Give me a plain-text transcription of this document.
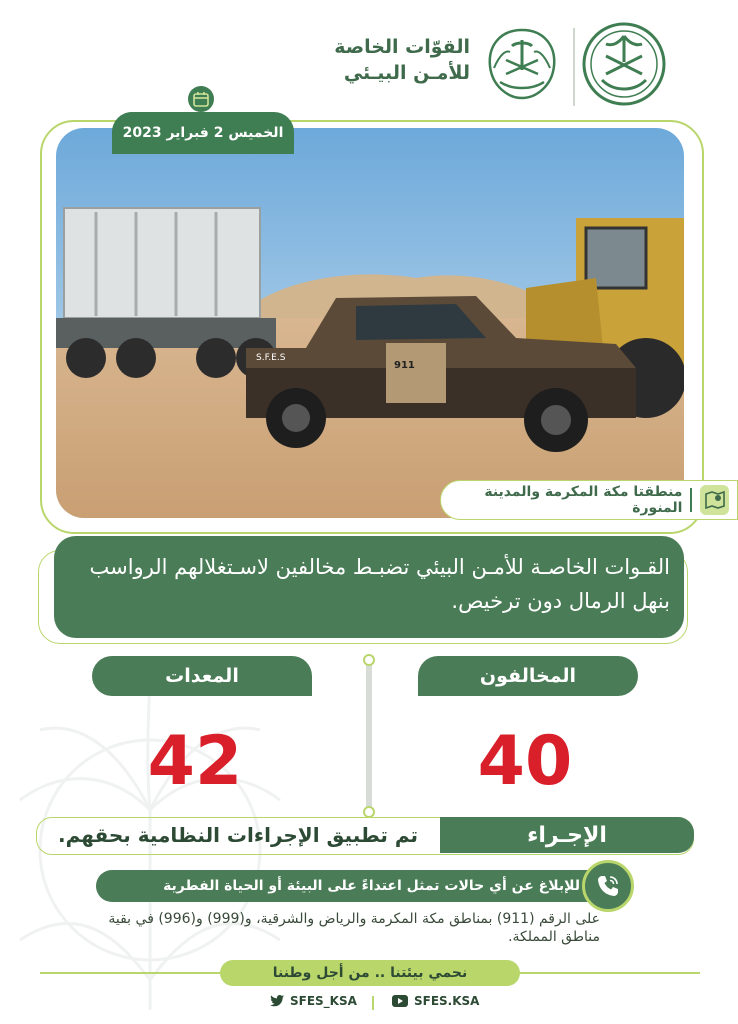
القوّات الخاصة
للأمـن البيـئي
911
S.F.E.S
الخميس 2 فبراير 2023
منطقتا مكة المكرمة والمدينة المنورة
القـوات الخاصـة للأمـن البيئي تضبـط مخالفين لاسـتغلالهم الرواسب بنهل الرمال دون ترخيص.
المخالفون
المعدات
40
42
الإجـراء
تم تطبيق الإجراءات النظامية بحقهم.
للإبلاغ عن أي حالات تمثل اعتداءً على البيئة أو الحياة الفطرية
على الرقم (911) بمناطق مكة المكرمة والرياض والشرقية، و(999) و(996) في بقية مناطق المملكة.
نحمي بيئتنا .. من أجل وطننا
SFES_KSA	SFES.KSA
